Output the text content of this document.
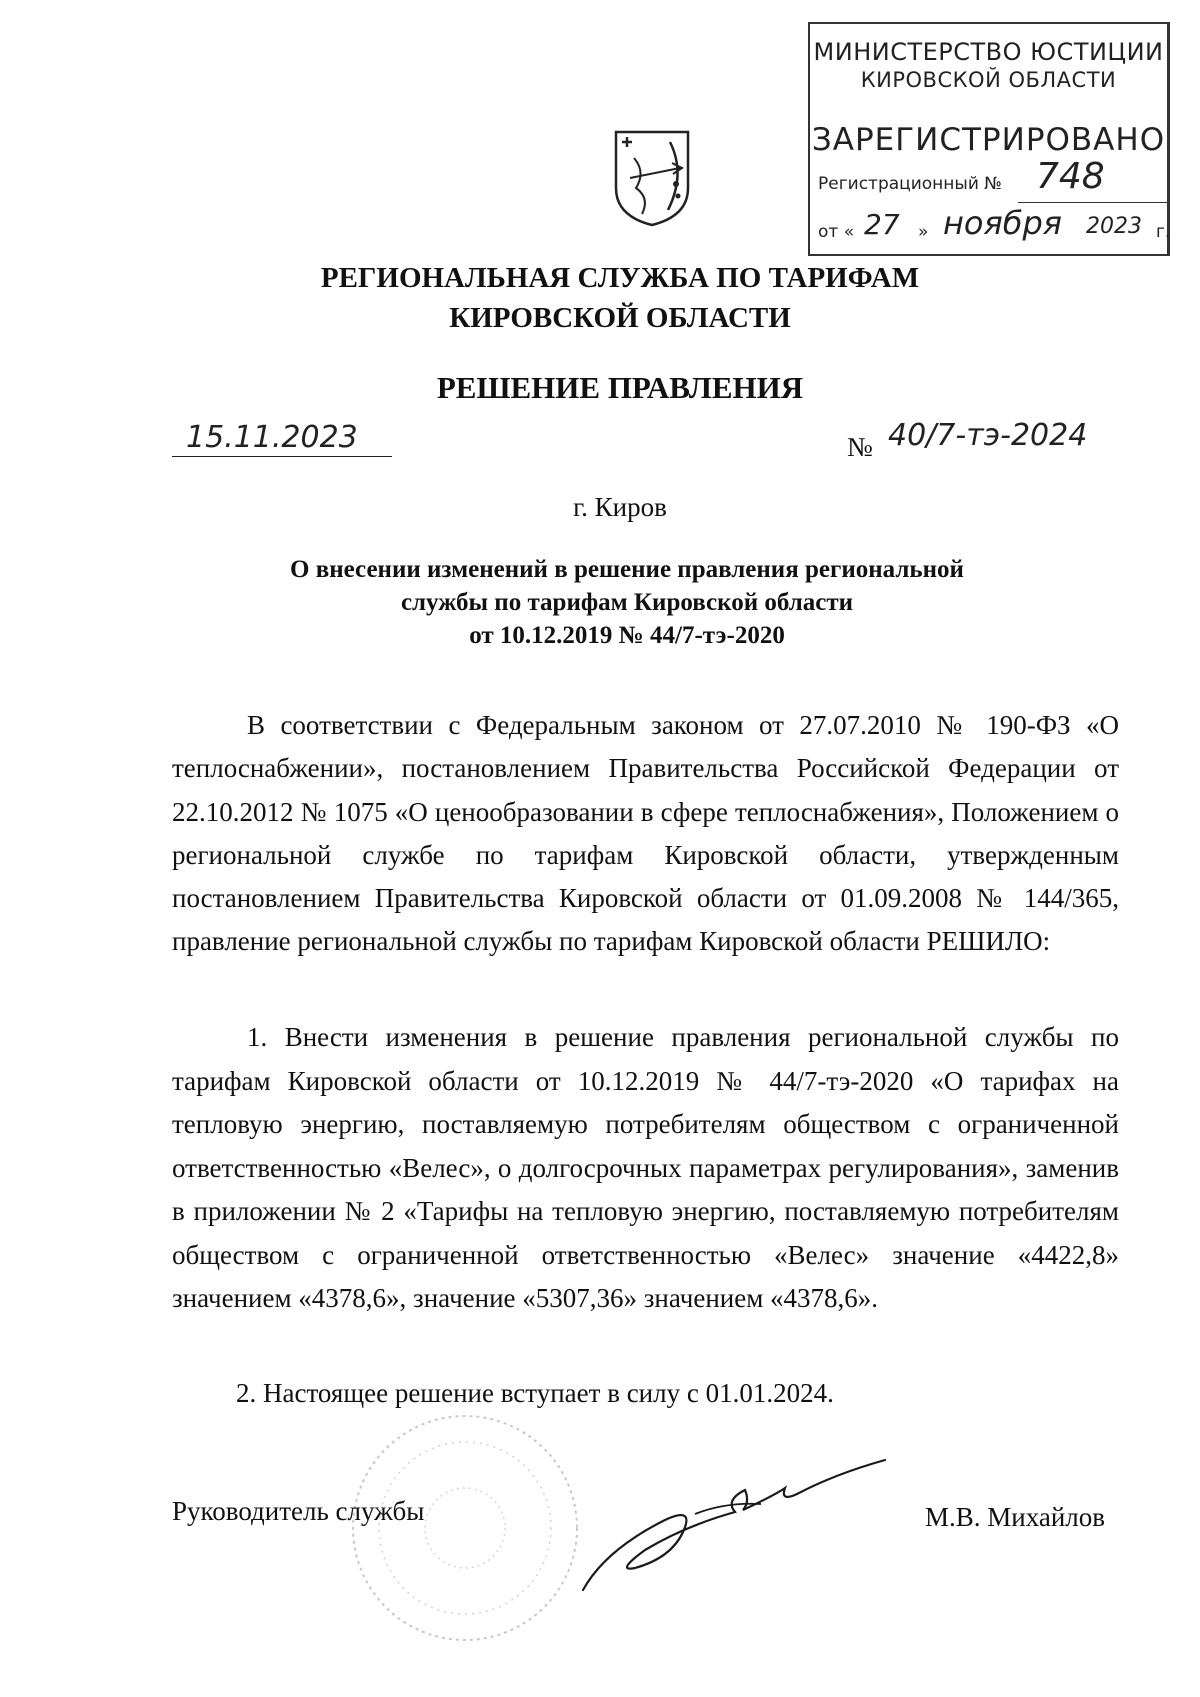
МИНИСТЕРСТВО ЮСТИЦИИ
КИРОВСКОЙ ОБЛАСТИ
ЗАРЕГИСТРИРОВАНО
Регистрационный № 748
от « 27 » ноября 2023 г.
РЕГИОНАЛЬНАЯ СЛУЖБА ПО ТАРИФАМ
КИРОВСКОЙ ОБЛАСТИ
РЕШЕНИЕ ПРАВЛЕНИЯ
15.11.2023	№ 40/7-тэ-2024
г. Киров
О внесении изменений в решение правления региональной
службы по тарифам Кировской области
от 10.12.2019 № 44/7-тэ-2020
В соответствии с Федеральным законом от 27.07.2010 № 190-ФЗ «О теплоснабжении», постановлением Правительства Российской Федерации от 22.10.2012 № 1075 «О ценообразовании в сфере теплоснабжения», Положением о региональной службе по тарифам Кировской области, утвержденным постановлением Правительства Кировской области от 01.09.2008 № 144/365, правление региональной службы по тарифам Кировской области РЕШИЛО:
1. Внести изменения в решение правления региональной службы по тарифам Кировской области от 10.12.2019 № 44/7-тэ-2020 «О тарифах на тепловую энергию, поставляемую потребителям обществом с ограниченной ответственностью «Велес», о долгосрочных параметрах регулирования», заменив в приложении № 2 «Тарифы на тепловую энергию, поставляемую потребителям обществом с ограниченной ответственностью «Велес» значение «4422,8» значением «4378,6», значение «5307,36» значением «4378,6».
2. Настоящее решение вступает в силу с 01.01.2024.
Руководитель службы	М.В. Михайлов
